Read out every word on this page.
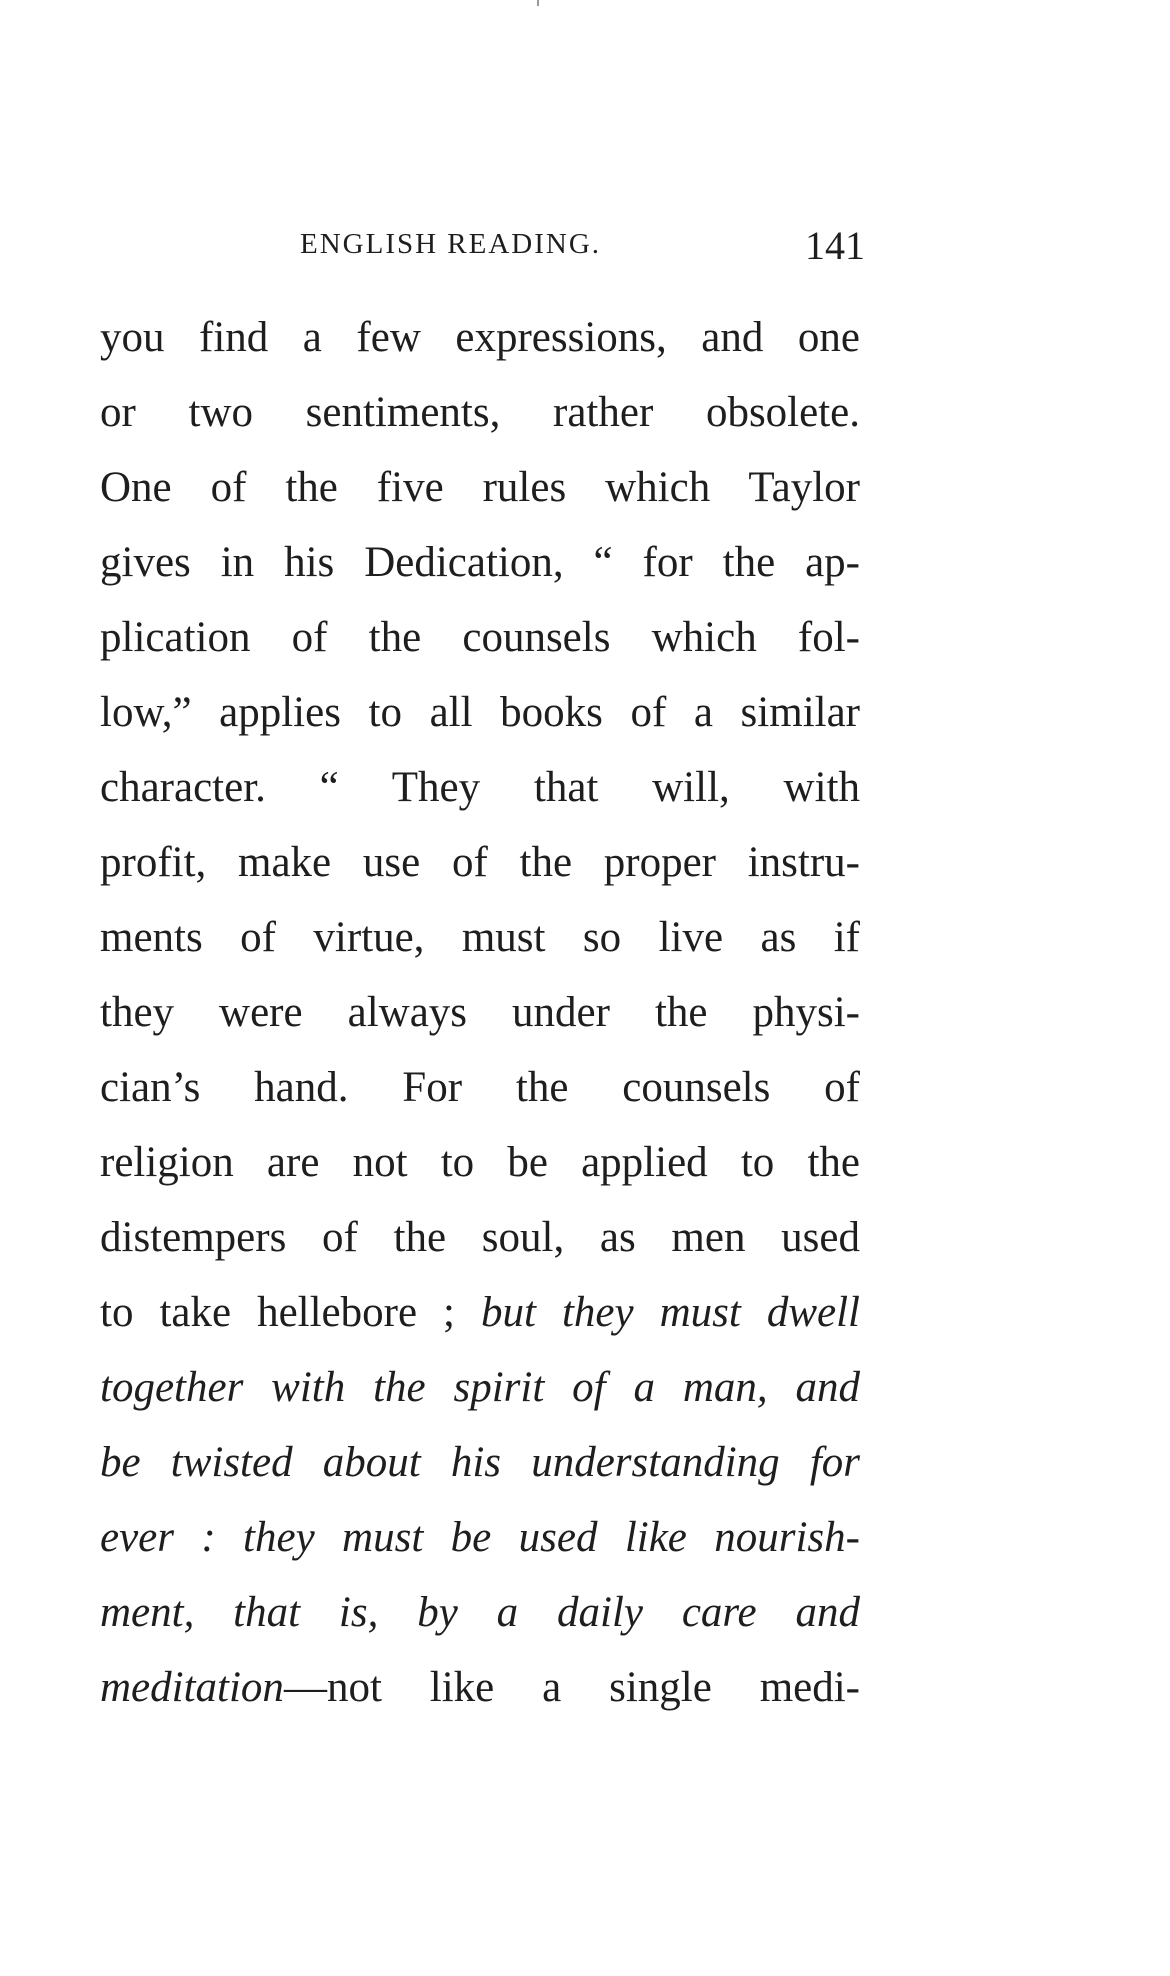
ENGLISH READING.	141
you find a few expressions, and one
or two sentiments, rather obsolete.
One of the five rules which Taylor
gives in his Dedication, “ for the ap-
plication of the counsels which fol-
low,” applies to all books of a similar
character. “ They that will, with
profit, make use of the proper instru-
ments of virtue, must so live as if
they were always under the physi-
cian’s hand. For the counsels of
religion are not to be applied to the
distempers of the soul, as men used
to take hellebore ; but they must dwell
together with the spirit of a man, and
be twisted about his understanding for
ever : they must be used like nourish-
ment, that is, by a daily care and
meditation—not like a single medi-
